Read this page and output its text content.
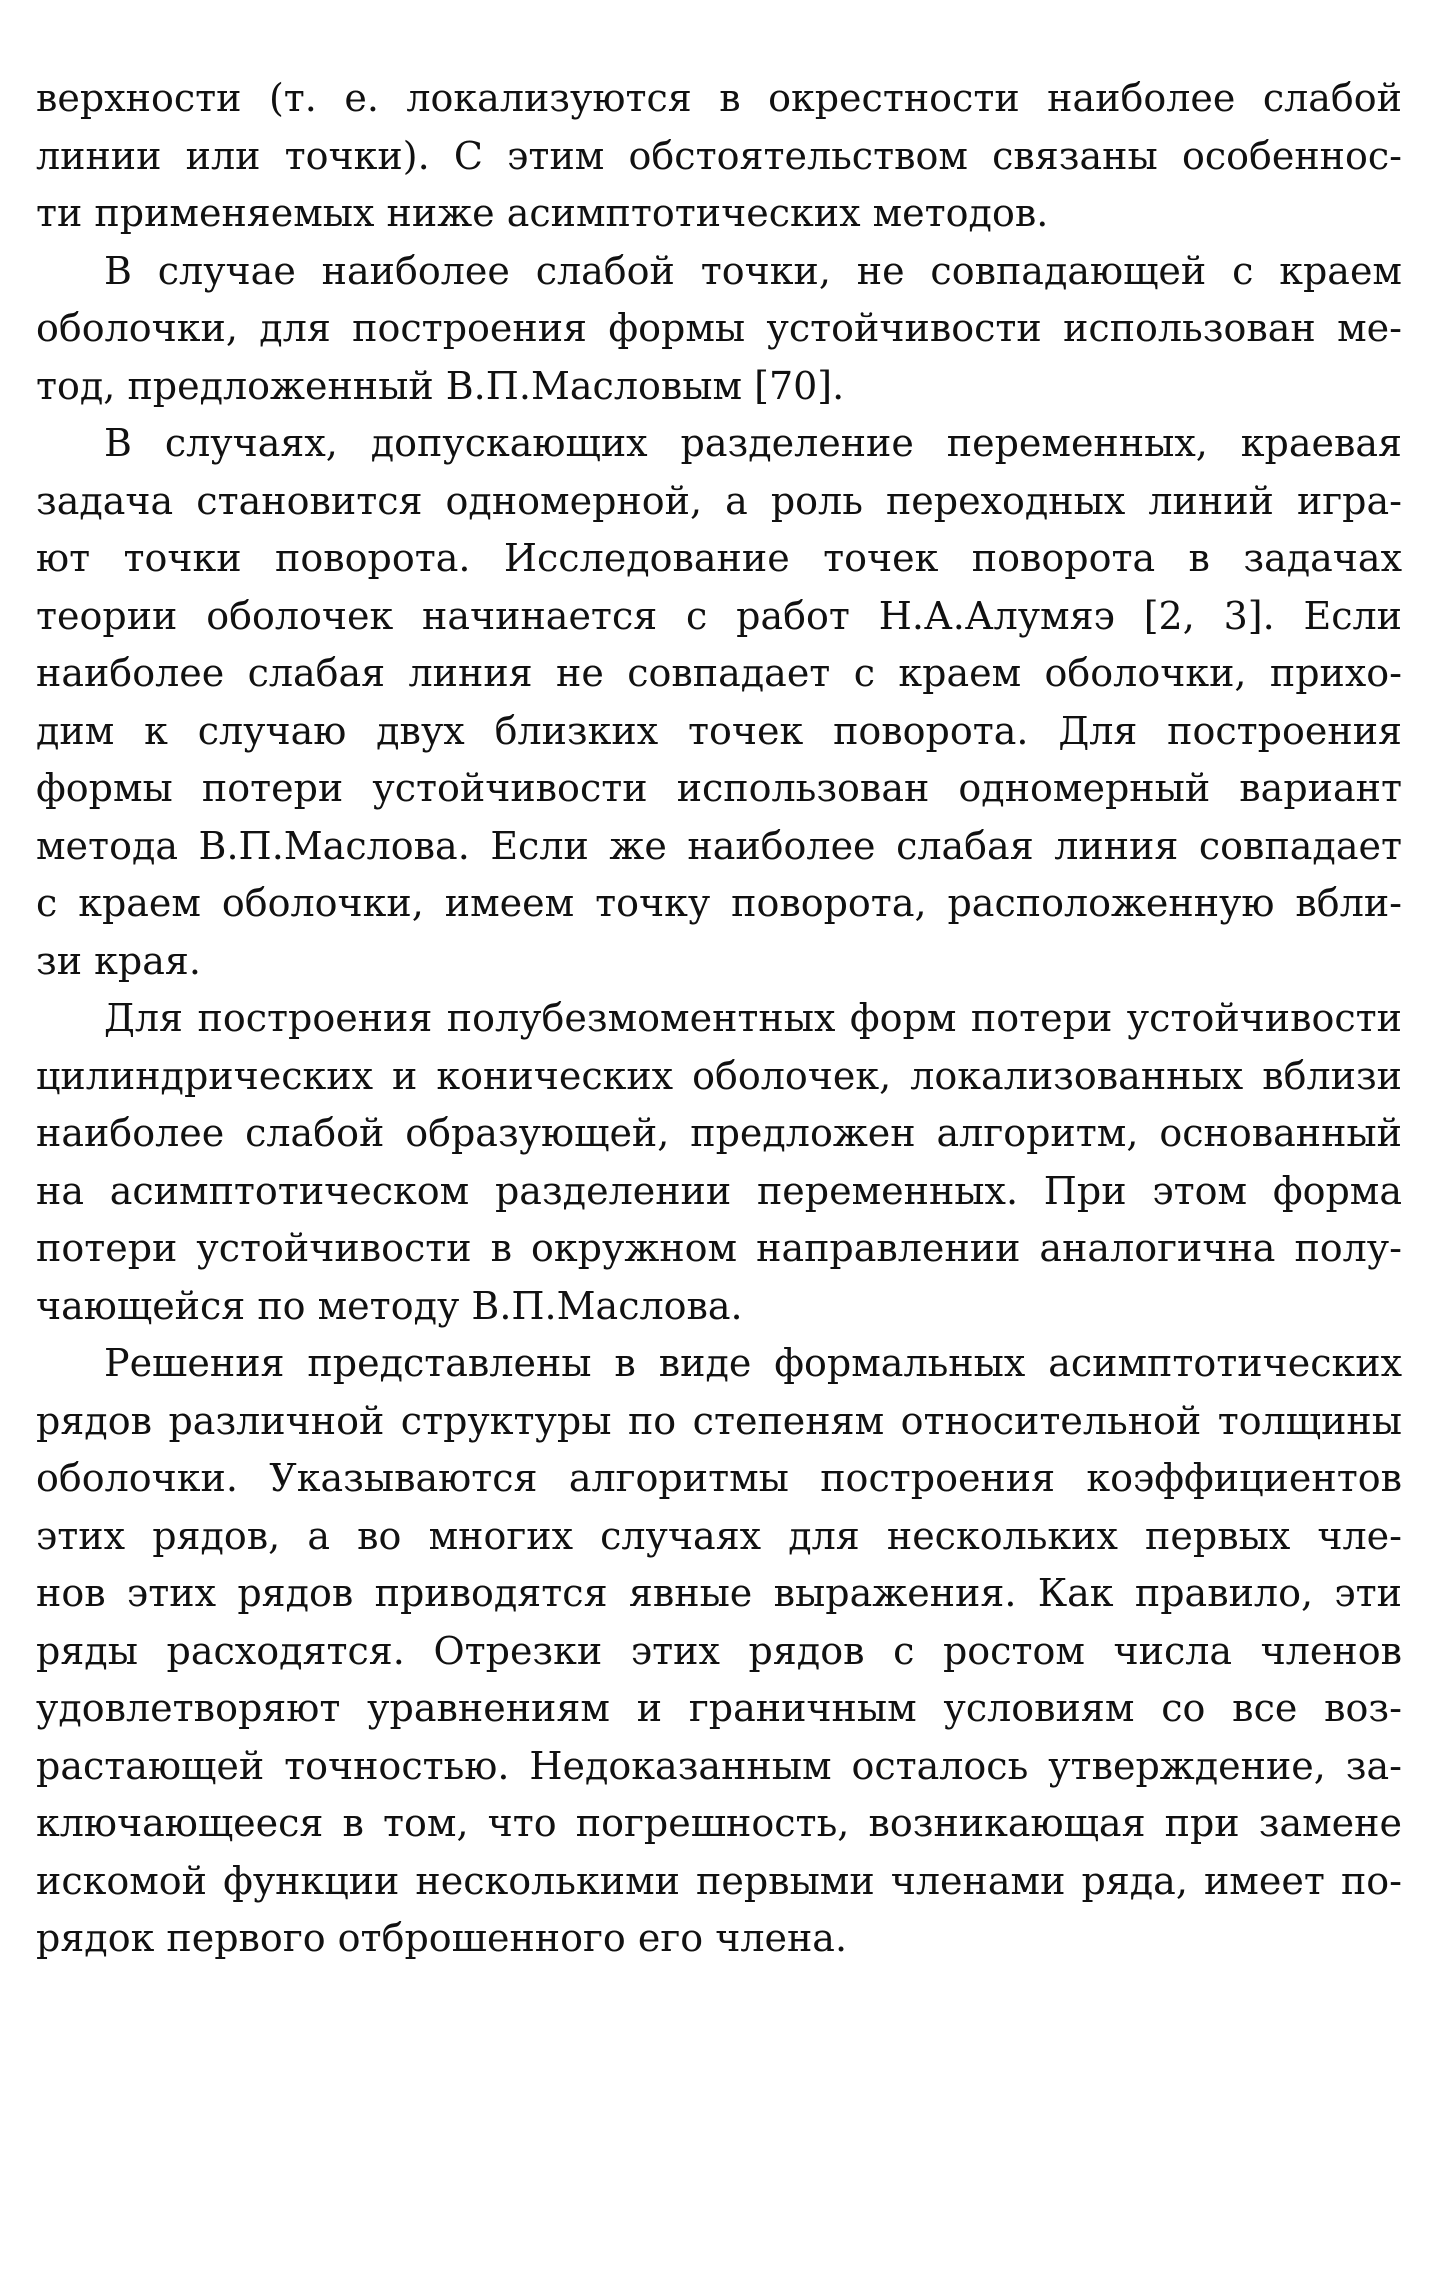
верхности (т. е. локализуются в окрестности наиболее слабой
линии или точки). С этим обстоятельством связаны особеннос-
ти применяемых ниже асимптотических методов.

В случае наиболее слабой точки, не совпадающей с краем
оболочки, для построения формы устойчивости использован ме-
тод, предложенный В.П.Масловым [70].

В случаях, допускающих разделение переменных, краевая
задача становится одномерной, а роль переходных линий игра-
ют точки поворота. Исследование точек поворота в задачах
теории оболочек начинается с работ Н.А.Алумяэ [2, 3]. Если
наиболее слабая линия не совпадает с краем оболочки, прихо-
дим к случаю двух близких точек поворота. Для построения
формы потери устойчивости использован одномерный вариант
метода В.П.Маслова. Если же наиболее слабая линия совпадает
с краем оболочки, имеем точку поворота, расположенную вбли-
зи края.

Для построения полубезмоментных форм потери устойчивости
цилиндрических и конических оболочек, локализованных вблизи
наиболее слабой образующей, предложен алгоритм, основанный
на асимптотическом разделении переменных. При этом форма
потери устойчивости в окружном направлении аналогична полу-
чающейся по методу В.П.Маслова.

Решения представлены в виде формальных асимптотических
рядов различной структуры по степеням относительной толщины
оболочки. Указываются алгоритмы построения коэффициентов
этих рядов, а во многих случаях для нескольких первых чле-
нов этих рядов приводятся явные выражения. Как правило, эти
ряды расходятся. Отрезки этих рядов с ростом числа членов
удовлетворяют уравнениям и граничным условиям со все воз-
растающей точностью. Недоказанным осталось утверждение, за-
ключающееся в том, что погрешность, возникающая при замене
искомой функции несколькими первыми членами ряда, имеет по-
рядок первого отброшенного его члена.
